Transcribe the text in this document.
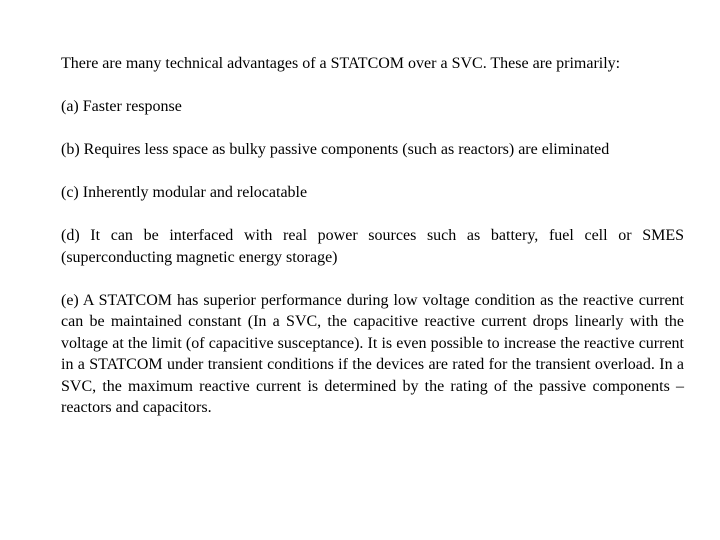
There are many technical advantages of a STATCOM over a SVC. These are primarily:

(a) Faster response

(b) Requires less space as bulky passive components (such as reactors) are eliminated

(c) Inherently modular and relocatable

(d) It can be interfaced with real power sources such as battery, fuel cell or SMES (superconducting magnetic energy storage)

(e) A STATCOM has superior performance during low voltage condition as the reactive current can be maintained constant (In a SVC, the capacitive reactive current drops linearly with the voltage at the limit (of capacitive susceptance). It is even possible to increase the reactive current in a STATCOM under transient conditions if the devices are rated for the transient overload. In a SVC, the maximum reactive current is determined by the rating of the passive components – reactors and capacitors.
